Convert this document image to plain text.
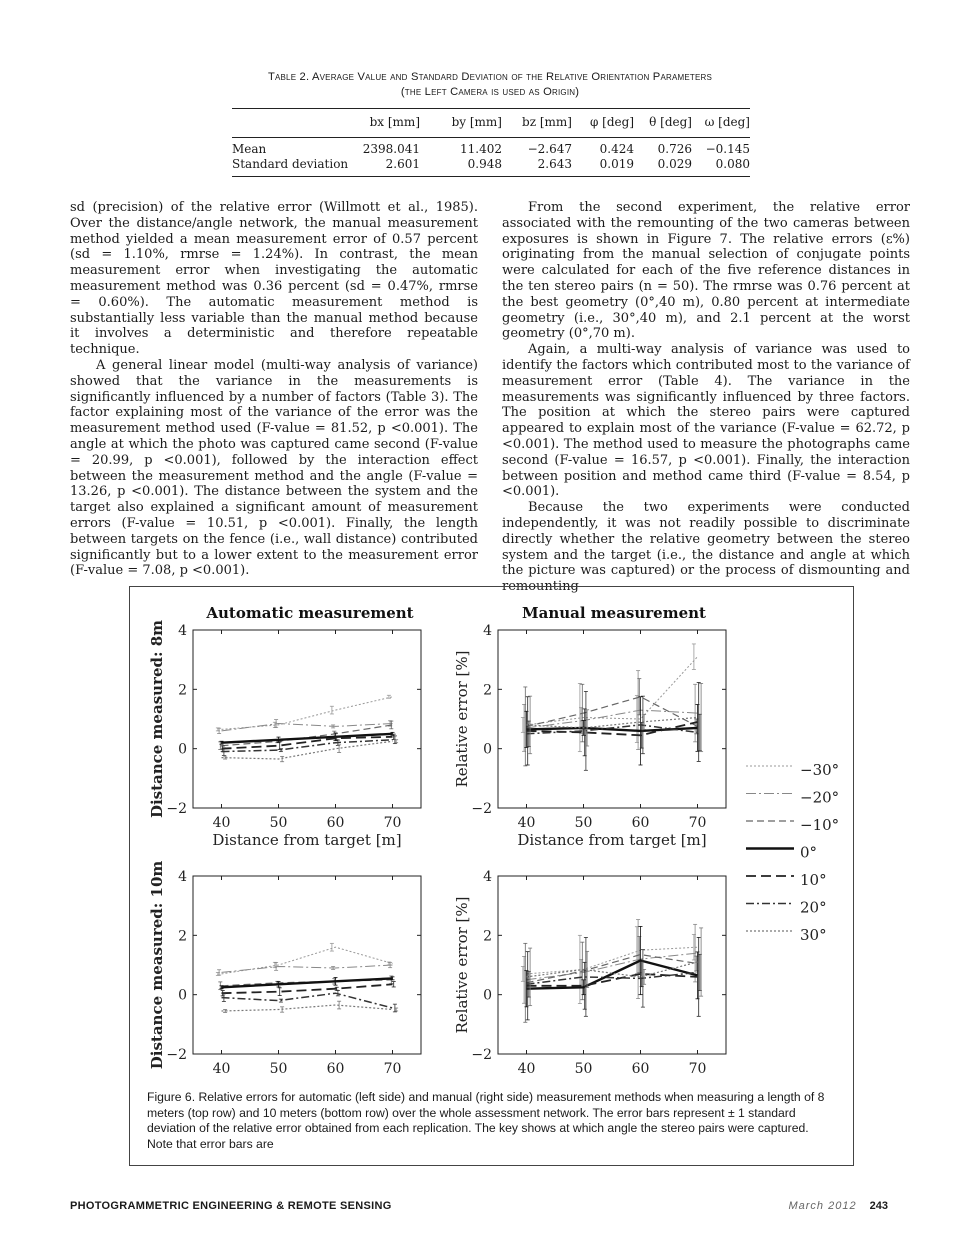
Table 2. Average Value and Standard Deviation of the Relative Orientation Parameters
(the Left Camera is used as Origin)
	bx [mm]	by [mm]	bz [mm]	φ [deg]	θ [deg]	ω [deg]
Mean	2398.041	11.402	−2.647	0.424	0.726	−0.145
Standard deviation	2.601	0.948	2.643	0.019	0.029	0.080

sd (precision) of the relative error (Willmott et al., 1985). Over the distance/angle network, the manual measurement method yielded a mean measurement error of 0.57 percent (sd = 1.10%, rmrse = 1.24%). In contrast, the mean measurement error when investigating the automatic measurement method was 0.36 percent (sd = 0.47%, rmrse = 0.60%). The automatic measurement method is substantially less variable than the manual method because it involves a deterministic and therefore repeatable technique.

A general linear model (multi-way analysis of variance) showed that the variance in the measurements is significantly influenced by a number of factors (Table 3). The factor explaining most of the variance of the error was the measurement method used (F-value = 81.52, p <0.001). The angle at which the photo was captured came second (F-value = 20.99, p <0.001), followed by the interaction effect between the measurement method and the angle (F-value = 13.26, p <0.001). The distance between the system and the target also explained a significant amount of measurement errors (F-value = 10.51, p <0.001). Finally, the length between targets on the fence (i.e., wall distance) contributed significantly but to a lower extent to the measurement error (F-value = 7.08, p <0.001).

From the second experiment, the relative error associated with the remounting of the two cameras between exposures is shown in Figure 7. The relative errors (ε%) originating from the manual selection of conjugate points were calculated for each of the five reference distances in the ten stereo pairs (n = 50). The rmrse was 0.76 percent at the best geometry (0°,40 m), 0.80 percent at intermediate geometry (i.e., 30°,40 m), and 2.1 percent at the worst geometry (0°,70 m).

Again, a multi-way analysis of variance was used to identify the factors which contributed most to the variance of measurement error (Table 4). The variance in the measurements was significantly influenced by three factors. The position at which the stereo pairs were captured appeared to explain most of the variance (F-value = 62.72, p <0.001). The method used to measure the photographs came second (F-value = 16.57, p <0.001). Finally, the interaction between position and method came third (F-value = 8.54, p <0.001).

Because the two experiments were conducted independently, it was not readily possible to discriminate directly whether the relative geometry between the stereo system and the target (i.e., the distance and angle at which the picture was captured) or the process of dismounting and remounting

40	50	60	70
−2
0
2
4
Distance measured: 8m
Distance from target [m]
Automatic measurement
40	50	60	70
−2
0
2
4
Relative error [%]
Distance from target [m]
Manual measurement
40	50	60	70
−2
0
2
4
Distance measured: 10m	40	50	60	70
−2
0
2
4
Relative error [%]
−30°
−20°
−10°
0°
10°
20°
30°
Figure 6. Relative errors for automatic (left side) and manual (right side) measurement methods when measuring a length of 8 meters (top row) and 10 meters (bottom row) over the whole assessment network. The error bars represent ± 1 standard deviation of the relative error obtained from each replication. The key shows at which angle the stereo pairs were captured. Note that error bars are
PHOTOGRAMMETRIC ENGINEERING & REMOTE SENSING	March 2012 243
